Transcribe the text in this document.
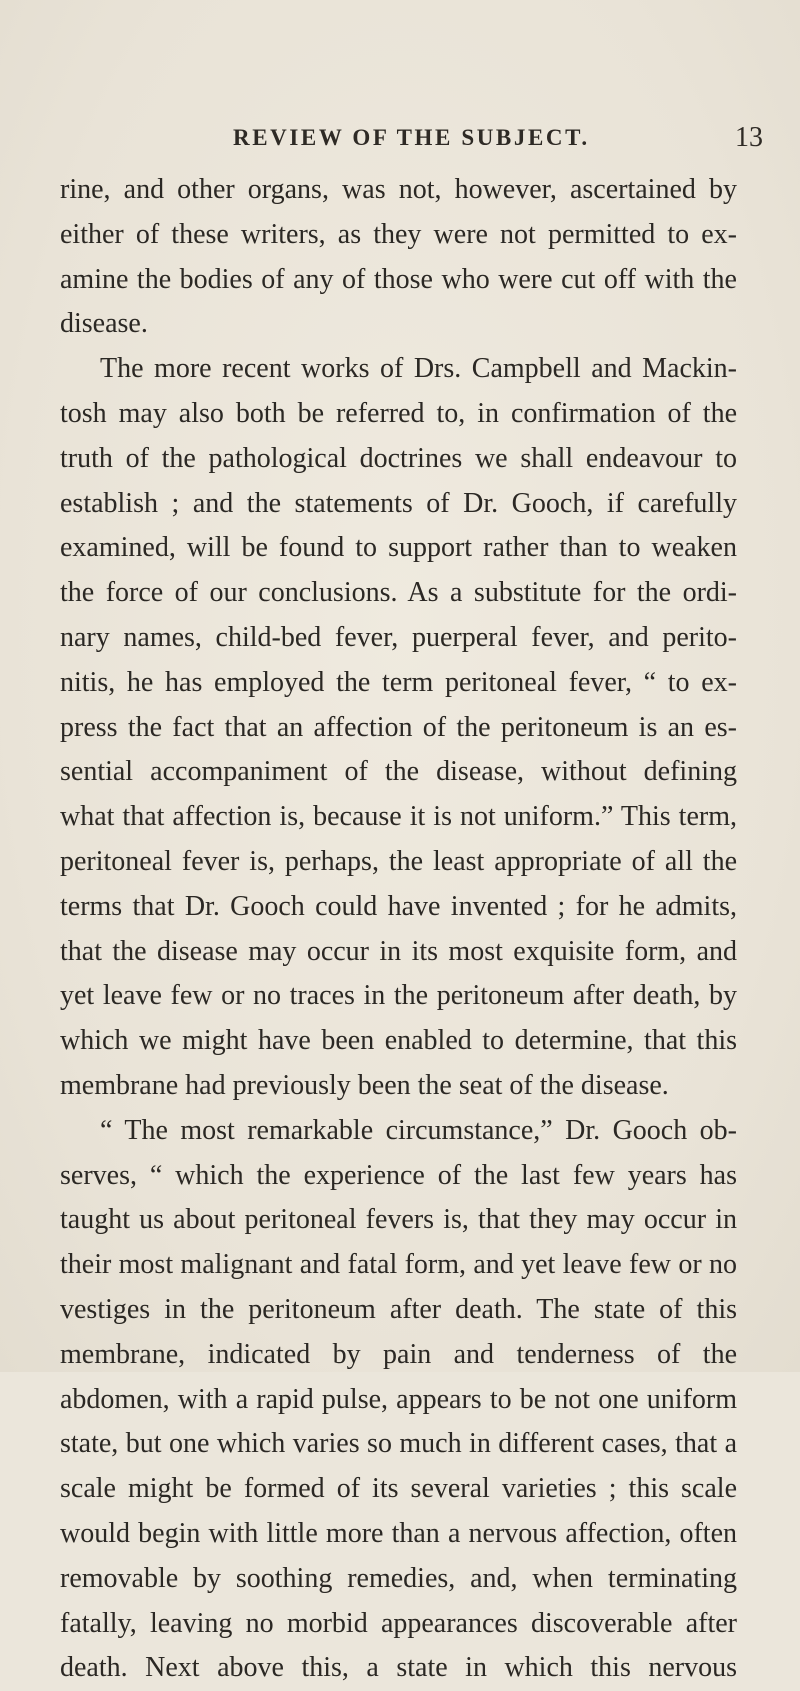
REVIEW OF THE SUBJECT.	13

rine, and other organs, was not, however, ascertained by either of these writers, as they were not permitted to ex-amine the bodies of any of those who were cut off with the disease.

The more recent works of Drs. Campbell and Mackin-tosh may also both be referred to, in confirmation of the truth of the pathological doctrines we shall endeavour to establish ; and the statements of Dr. Gooch, if carefully examined, will be found to support rather than to weaken the force of our conclusions. As a substitute for the ordi-nary names, child-bed fever, puerperal fever, and perito-nitis, he has employed the term peritoneal fever, “ to ex-press the fact that an affection of the peritoneum is an es-sential accompaniment of the disease, without defining what that affection is, because it is not uniform.” This term, peritoneal fever is, perhaps, the least appropriate of all the terms that Dr. Gooch could have invented ; for he admits, that the disease may occur in its most exquisite form, and yet leave few or no traces in the peritoneum after death, by which we might have been enabled to determine, that this membrane had previously been the seat of the disease.

“ The most remarkable circumstance,” Dr. Gooch ob-serves, “ which the experience of the last few years has taught us about peritoneal fevers is, that they may occur in their most malignant and fatal form, and yet leave few or no vestiges in the peritoneum after death. The state of this membrane, indicated by pain and tenderness of the abdomen, with a rapid pulse, appears to be not one uniform state, but one which varies so much in different cases, that a scale might be formed of its several varieties ; this scale would begin with little more than a nervous affection, often removable by soothing remedies, and, when terminating fatally, leaving no morbid appearances discoverable after death. Next above this, a state in which this nervous
